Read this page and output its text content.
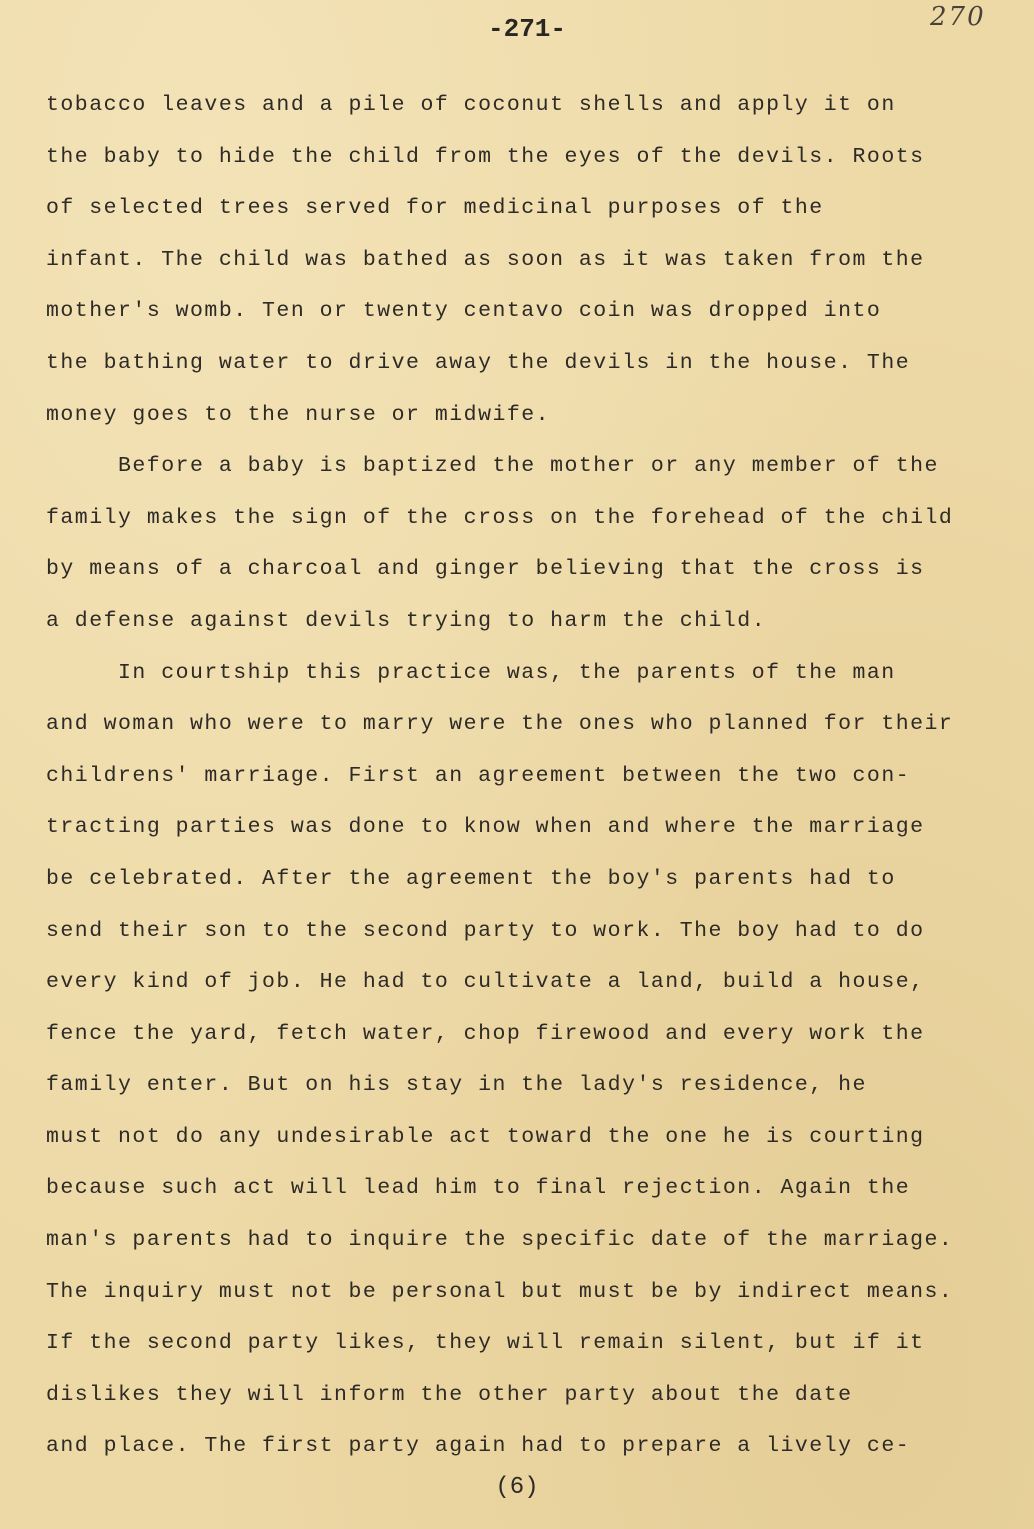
-271-	270
tobacco leaves and a pile of coconut shells and apply it on
the baby to hide the child from the eyes of the devils. Roots
of selected trees served for medicinal purposes of the
infant. The child was bathed as soon as it was taken from the
mother's womb. Ten or twenty centavo coin was dropped into
the bathing water to drive away the devils in the house. The
money goes to the nurse or midwife.
Before a baby is baptized the mother or any member of the
family makes the sign of the cross on the forehead of the child
by means of a charcoal and ginger believing that the cross is
a defense against devils trying to harm the child.
In courtship this practice was, the parents of the man
and woman who were to marry were the ones who planned for their
childrens' marriage. First an agreement between the two con-
tracting parties was done to know when and where the marriage
be celebrated. After the agreement the boy's parents had to
send their son to the second party to work. The boy had to do
every kind of job. He had to cultivate a land, build a house,
fence the yard, fetch water, chop firewood and every work the
family enter. But on his stay in the lady's residence, he
must not do any undesirable act toward the one he is courting
because such act will lead him to final rejection. Again the
man's parents had to inquire the specific date of the marriage.
The inquiry must not be personal but must be by indirect means.
If the second party likes, they will remain silent, but if it
dislikes they will inform the other party about the date
and place. The first party again had to prepare a lively ce-
(6)
